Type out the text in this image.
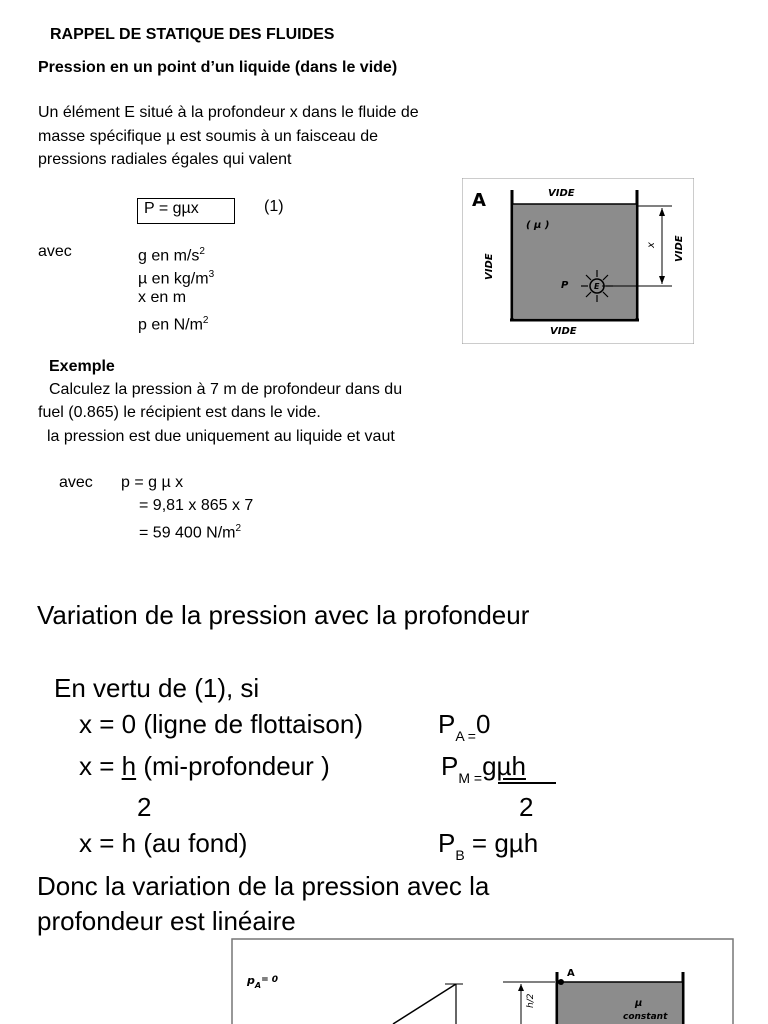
RAPPEL DE STATIQUE DES FLUIDES
Pression en un point d’un liquide (dans le vide)
Un élément E situé à la profondeur x dans le fluide de
masse spécifique µ est soumis à un faisceau de
pressions radiales égales qui valent
P = gµx	(1)
avec	g en $m/s^2$
µ en $kg/m^3$
x en m
p en $N/m^2$
x
E
P
( µ )
A	VIDE
VIDE
VIDE
VIDE
Exemple
Calculez la pression à 7 m de profondeur dans du
fuel (0.865) le récipient est dans le vide.
la pression est due uniquement au liquide et vaut
avec p = g µ x
= 9,81 x 865 x 7
= 59 400 $N/m^2$
Variation de la pression avec la profondeur
En vertu de (1), si
x = 0 (ligne de flottaison)	$P_{A =}0$
x = h (mi-profondeur )	$P_{M =}g\mu h$
2	2
x = h (au fond)	$P_B = g\mu h$
Donc la variation de la pression avec la
profondeur est linéaire
h/2
$p_A^{= 0}$
A
µ
constant
